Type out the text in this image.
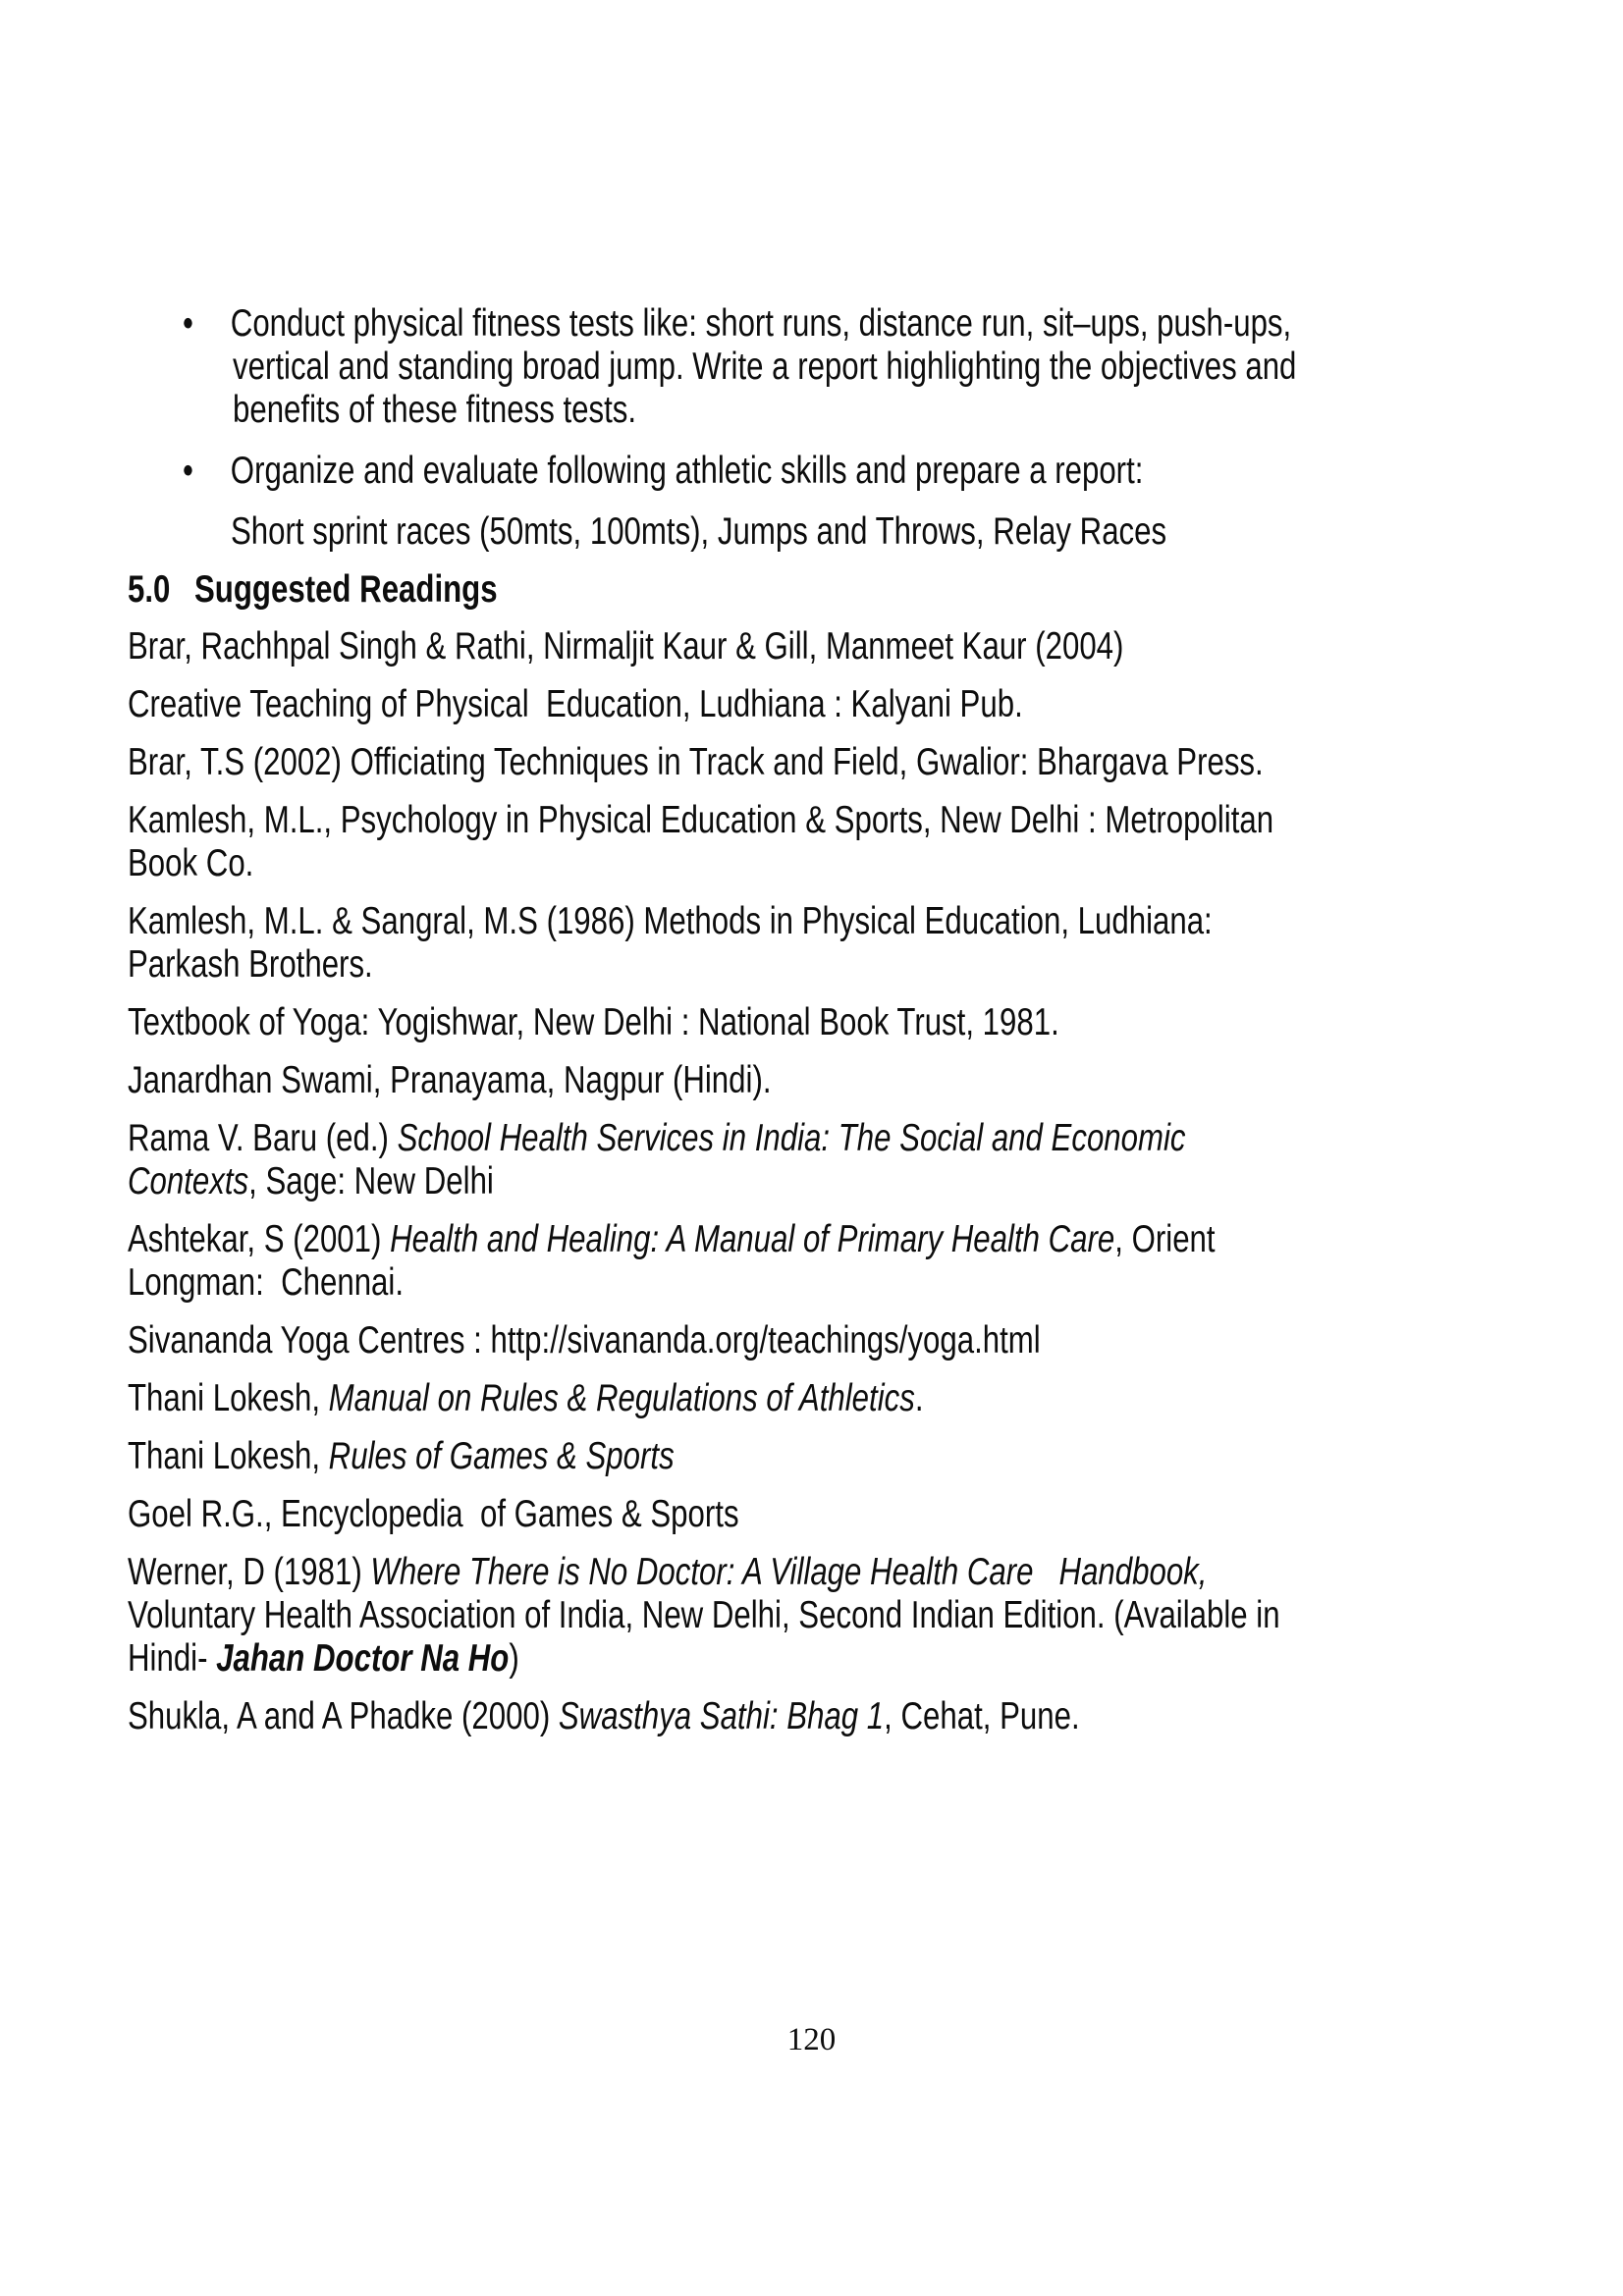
• Conduct physical fitness tests like: short runs, distance run, sit–ups, push-ups,
vertical and standing broad jump. Write a report highlighting the objectives and
benefits of these fitness tests.
• Organize and evaluate following athletic skills and prepare a report:
Short sprint races (50mts, 100mts), Jumps and Throws, Relay Races
5.0 Suggested Readings
Brar, Rachhpal Singh & Rathi, Nirmaljit Kaur & Gill, Manmeet Kaur (2004)
Creative Teaching of Physical  Education, Ludhiana : Kalyani Pub.
Brar, T.S (2002) Officiating Techniques in Track and Field, Gwalior: Bhargava Press.
Kamlesh, M.L., Psychology in Physical Education & Sports, New Delhi : Metropolitan
Book Co.
Kamlesh, M.L. & Sangral, M.S (1986) Methods in Physical Education, Ludhiana:
Parkash Brothers.
Textbook of Yoga: Yogishwar, New Delhi : National Book Trust, 1981.
Janardhan Swami, Pranayama, Nagpur (Hindi).
Rama V. Baru (ed.) School Health Services in India: The Social and Economic
Contexts, Sage: New Delhi
Ashtekar, S (2001) Health and Healing: A Manual of Primary Health Care, Orient
Longman:  Chennai.
Sivananda Yoga Centres : http://sivananda.org/teachings/yoga.html
Thani Lokesh, Manual on Rules & Regulations of Athletics.
Thani Lokesh, Rules of Games & Sports
Goel R.G., Encyclopedia  of Games & Sports
Werner, D (1981) Where There is No Doctor: A Village Health Care   Handbook,
Voluntary Health Association of India, New Delhi, Second Indian Edition. (Available in
Hindi- Jahan Doctor Na Ho)
Shukla, A and A Phadke (2000) Swasthya Sathi: Bhag 1, Cehat, Pune.
120
